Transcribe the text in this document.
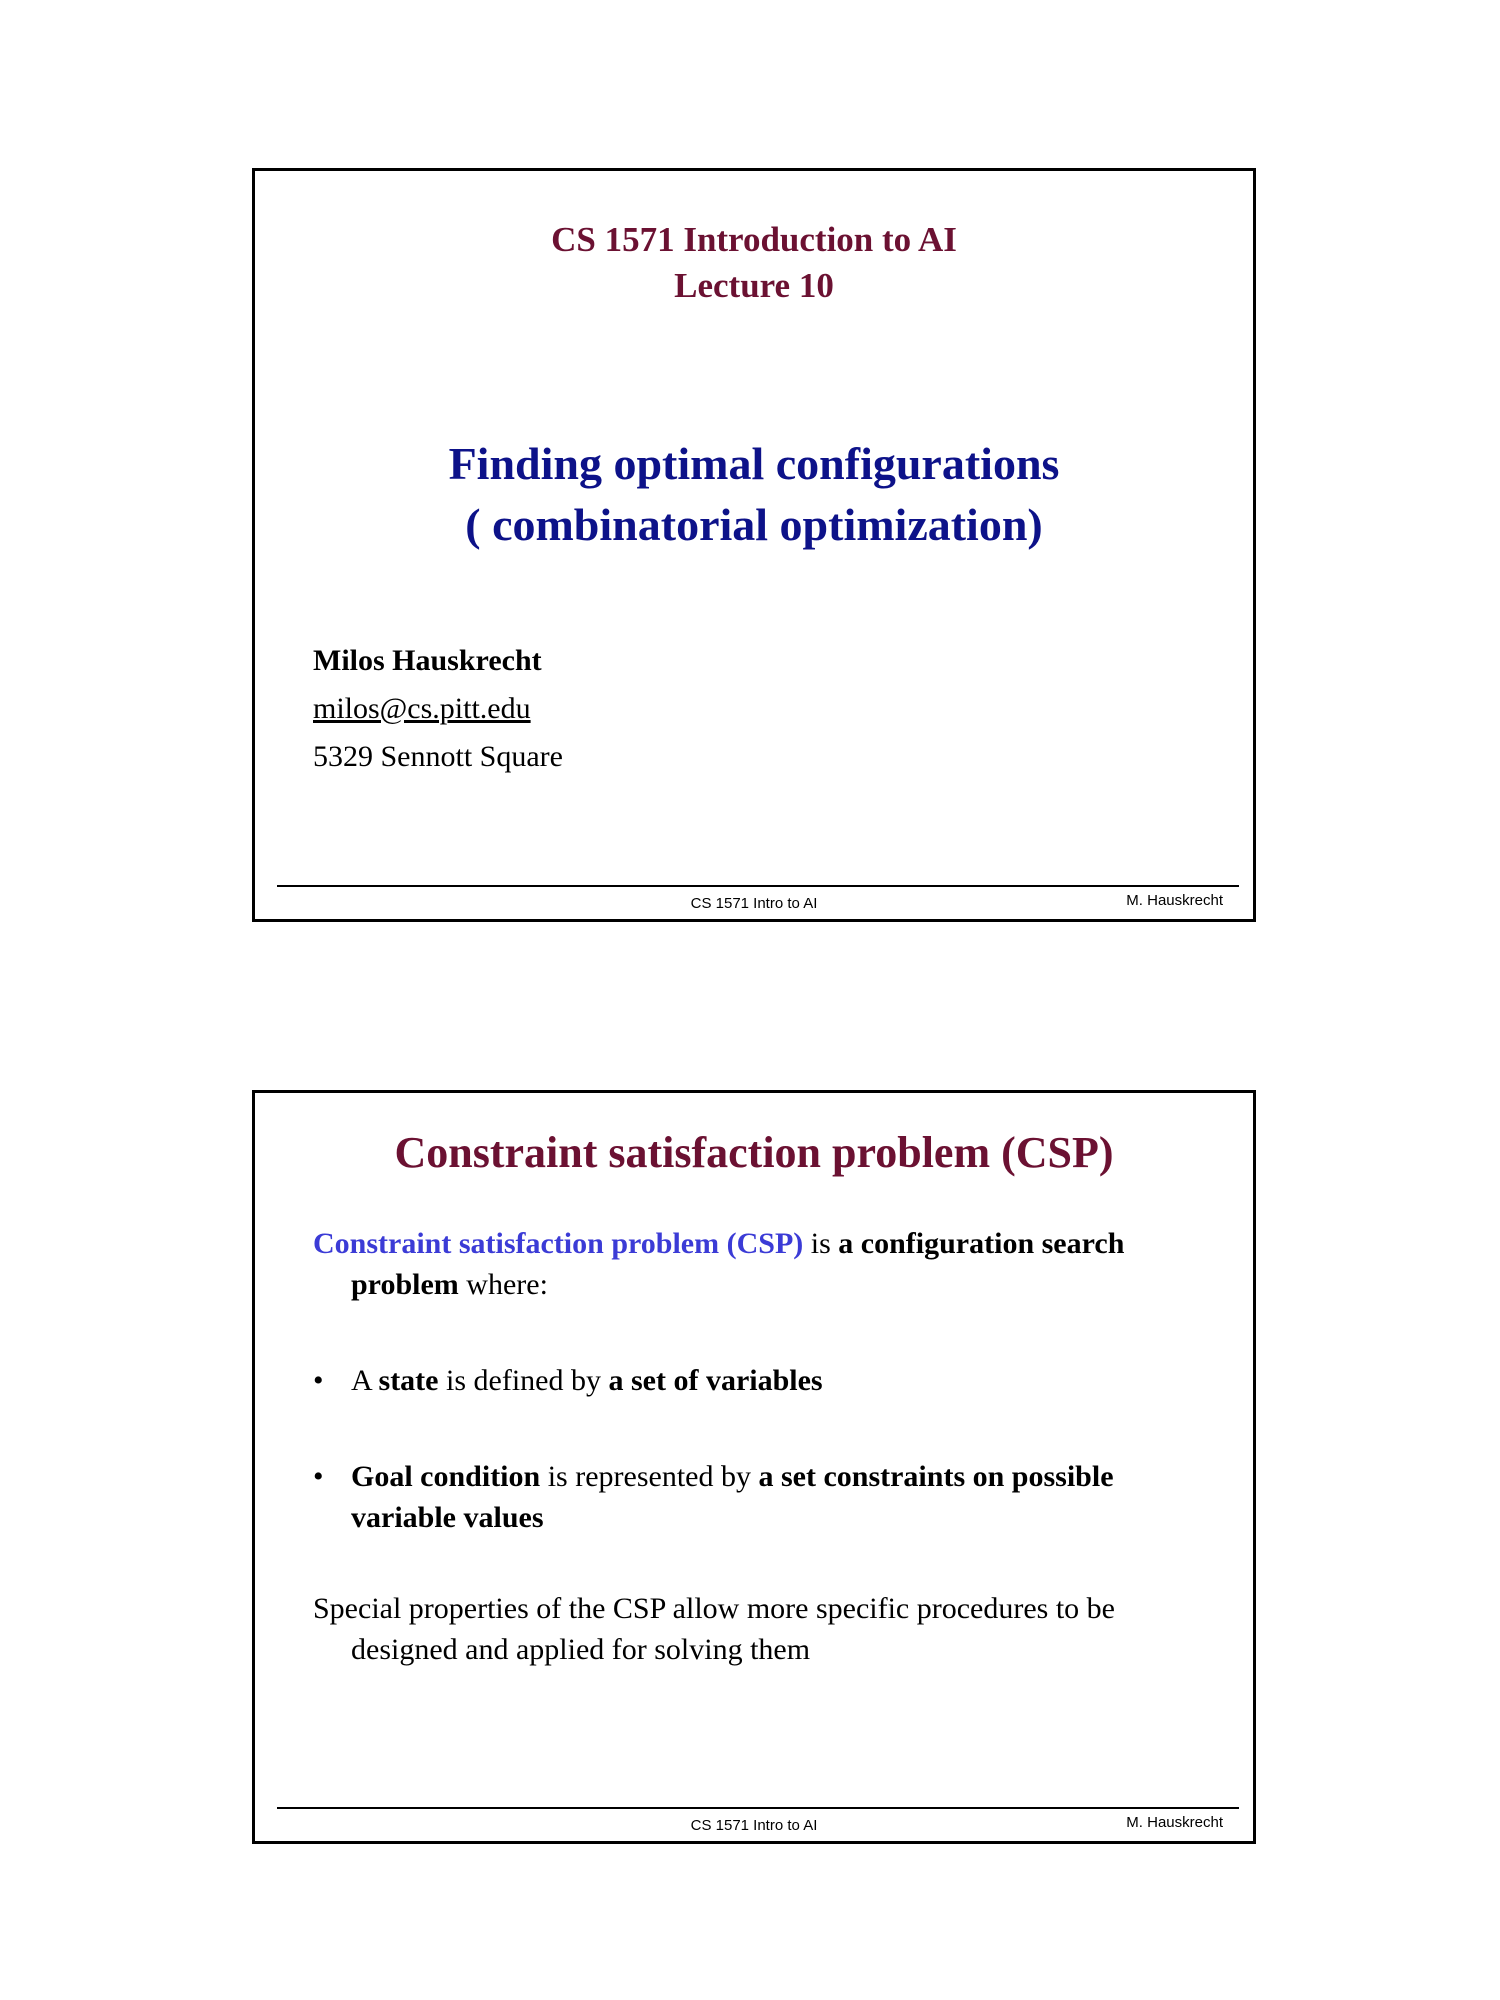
CS 1571 Introduction to AI
Lecture 10
Finding optimal configurations
( combinatorial optimization)
Milos Hauskrecht
milos@cs.pitt.edu
5329 Sennott Square
CS 1571 Intro to AI	M. Hauskrecht
Constraint satisfaction problem (CSP)
Constraint satisfaction problem (CSP) is a configuration search problem where:
• A state is defined by a set of variables
• Goal condition is represented by a set constraints on possible variable values
Special properties of the CSP allow more specific procedures to be designed and applied for solving them
CS 1571 Intro to AI	M. Hauskrecht
